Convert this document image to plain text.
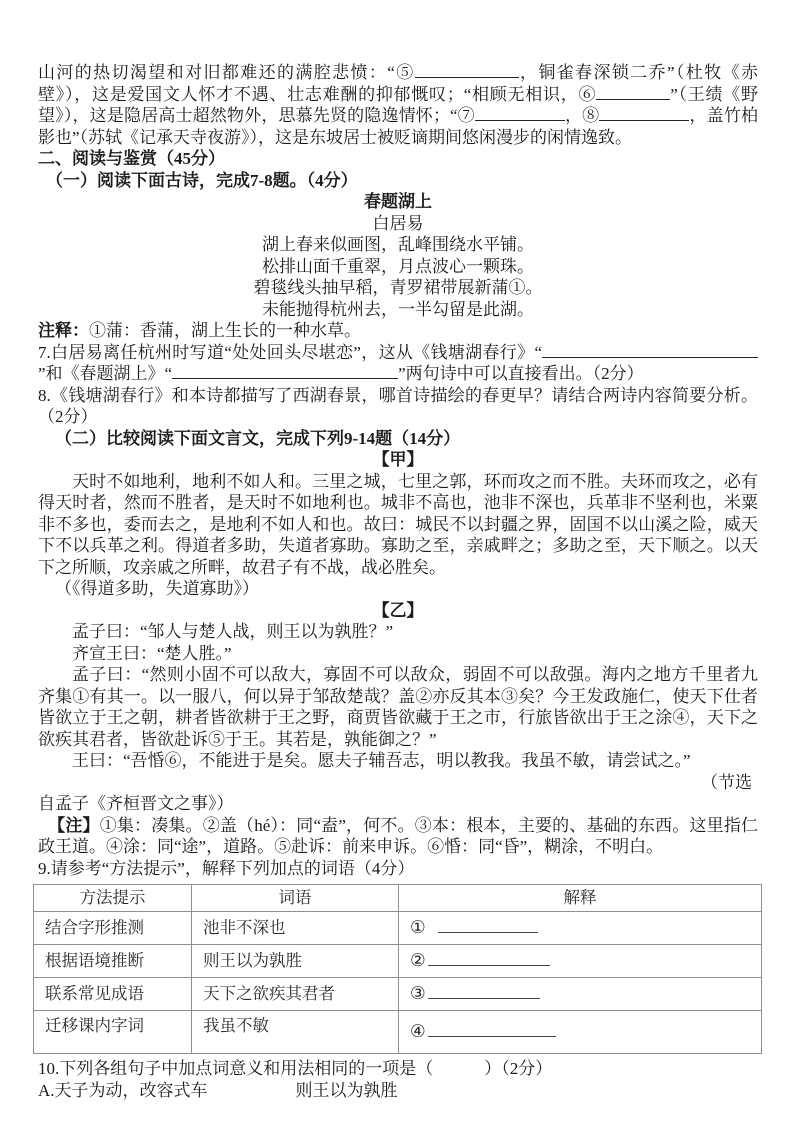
山河的热切渴望和对旧都难还的满腔悲愤：“⑤	，铜雀春深锁二乔”（杜牧《赤壁》），这是爱国文人怀才不遇、壮志难酬的抑郁慨叹；“相顾无相识，⑥	”（王绩《野望》），这是隐居高士超然物外，思慕先贤的隐逸情怀；“⑦	，⑧	，盖竹柏影也”（苏轼《记承天寺夜游》），这是东坡居士被贬谪期间悠闲漫步的闲情逸致。

二、阅读与鉴赏（45分）

（一）阅读下面古诗，完成7-8题。（4分）

春题湖上

白居易

湖上春来似画图，乱峰围绕水平铺。

松排山面千重翠，月点波心一颗珠。

碧毯线头抽早稻，青罗裙带展新蒲①。

未能抛得杭州去，一半勾留是此湖。

注释：①蒲：香蒲，湖上生长的一种水草。

7.白居易离任杭州时写道“处处回头尽堪恋”，这从《钱塘湖春行》“”和《春题湖上》“	”两句诗中可以直接看出。（2分）

8.《钱塘湖春行》和本诗都描写了西湖春景，哪首诗描绘的春更早？请结合两诗内容简要分析。（2分）

（二）比较阅读下面文言文，完成下列9-14题（14分）

【甲】

天时不如地利，地利不如人和。三里之城，七里之郭，环而攻之而不胜。夫环而攻之，必有得天时者，然而不胜者，是天时不如地利也。城非不高也，池非不深也，兵革非不坚利也，米粟非不多也，委而去之，是地利不如人和也。故曰：城民不以封疆之界，固国不以山溪之险，威天下不以兵革之利。得道者多助，失道者寡助。寡助之至，亲戚畔之；多助之至，天下顺之。以天下之所顺，攻亲戚之所畔，故君子有不战，战必胜矣。

（《得道多助，失道寡助》）

【乙】

孟子曰：“邹人与楚人战，则王以为孰胜？”

齐宣王曰：“楚人胜。”

孟子曰：“然则小固不可以敌大，寡固不可以敌众，弱固不可以敌强。海内之地方千里者九齐集①有其一。以一服八，何以异于邹敌楚哉？盖②亦反其本③矣？今王发政施仁，使天下仕者皆欲立于王之朝，耕者皆欲耕于王之野，商贾皆欲藏于王之市，行旅皆欲出于王之涂④，天下之欲疾其君者，皆欲赴诉⑤于王。其若是，孰能御之？”

王曰：“吾惛⑥，不能进于是矣。愿夫子辅吾志，明以教我。我虽不敏，请尝试之。”

（节选

自孟子《齐桓晋文之事》）

【注】①集：凑集。②盖（hé）：同“盍”，何不。③本：根本，主要的、基础的东西。这里指仁政王道。④涂：同“途”，道路。⑤赴诉：前来申诉。⑥惛：同“昏”，糊涂，不明白。

9.请参考“方法提示”，解释下列加点的词语（4分）

方法提示	词语	解释
结合字形推测	池非不深也	①
根据语境推断	则王以为孰胜	②
联系常见成语	天下之欲疾其君者	③
迁移课内字词	我虽不敏	④

10.下列各组句子中加点词意义和用法相同的一项是（　　　）（2分）

A.天子为动，改容式车	则王以为孰胜
